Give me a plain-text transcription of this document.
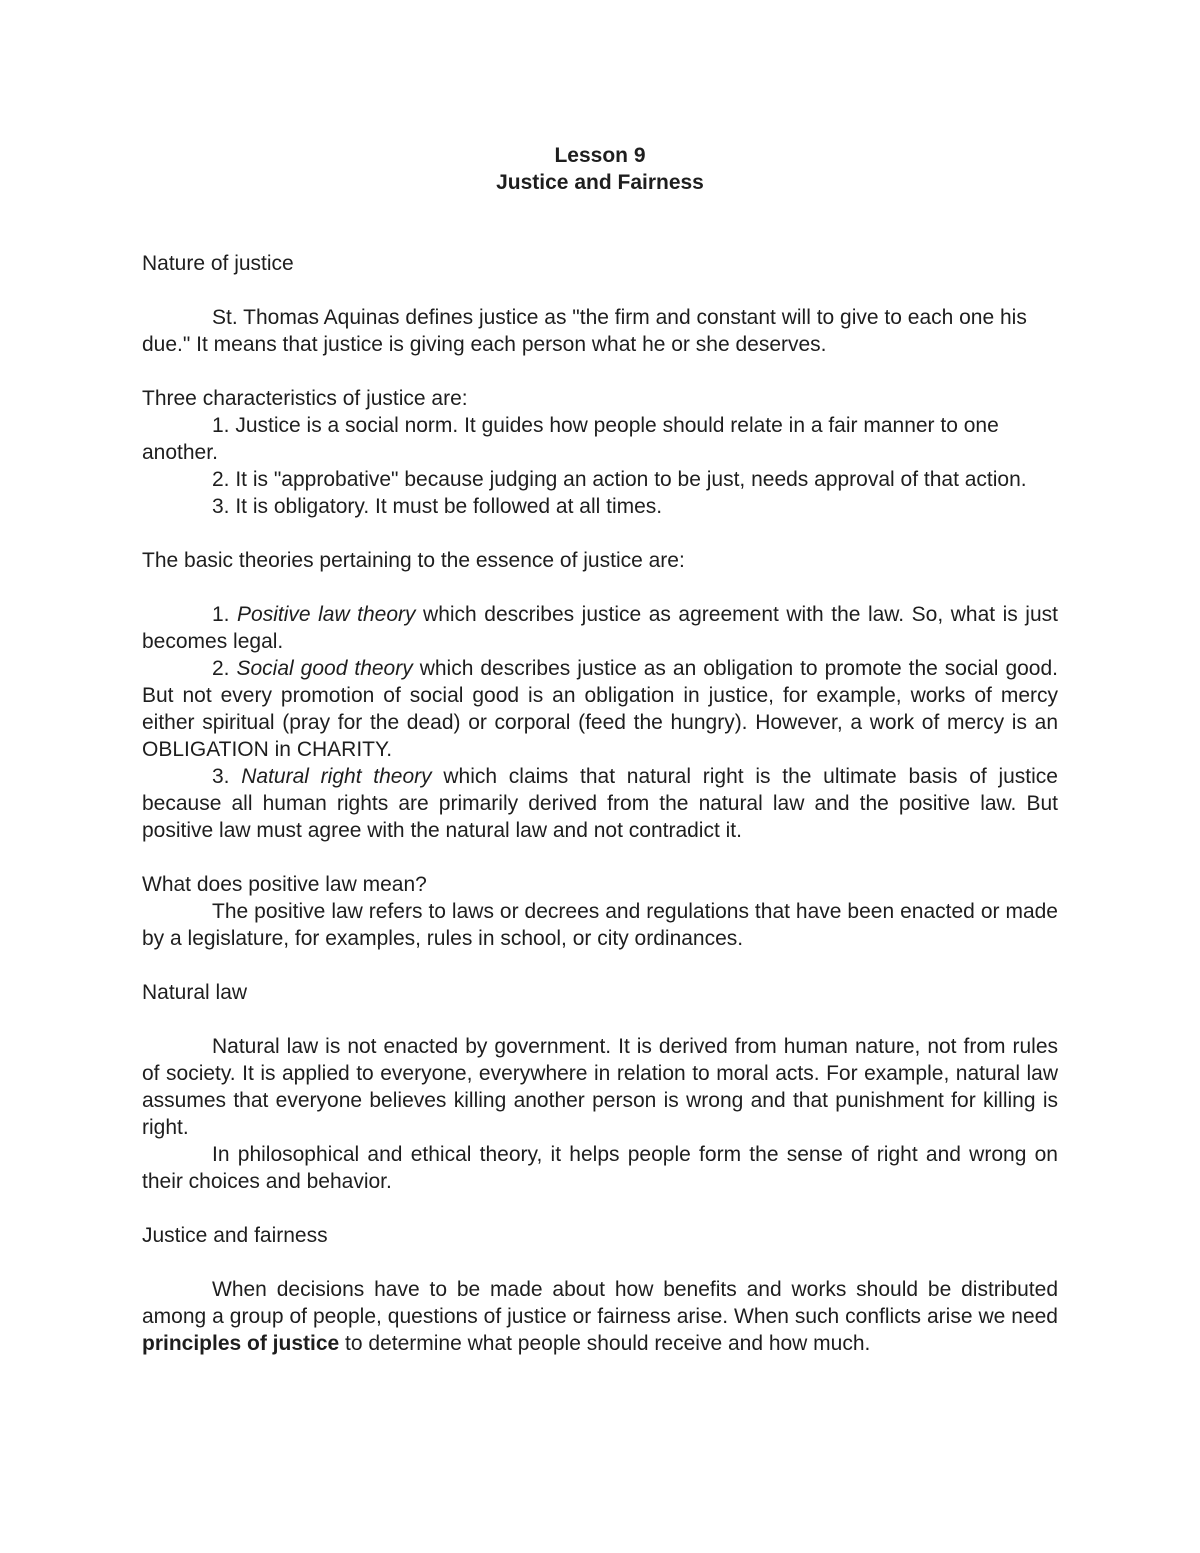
Lesson 9

Justice and Fairness

Nature of justice

St. Thomas Aquinas defines justice as "the firm and constant will to give to each one his due." It means that justice is giving each person what he or she deserves.

Three characteristics of justice are:

1. Justice is a social norm. It guides how people should relate in a fair manner to one another.

2. It is "approbative" because judging an action to be just, needs approval of that action.

3. It is obligatory. It must be followed at all times.

The basic theories pertaining to the essence of justice are:

1. Positive law theory which describes justice as agreement with the law. So, what is just becomes legal.

2. Social good theory which describes justice as an obligation to promote the social good. But not every promotion of social good is an obligation in justice, for example, works of mercy either spiritual (pray for the dead) or corporal (feed the hungry). However, a work of mercy is an OBLIGATION in CHARITY.

3. Natural right theory which claims that natural right is the ultimate basis of justice because all human rights are primarily derived from the natural law and the positive law. But positive law must agree with the natural law and not contradict it.

What does positive law mean?

The positive law refers to laws or decrees and regulations that have been enacted or made by a legislature, for examples, rules in school, or city ordinances.

Natural law

Natural law is not enacted by government. It is derived from human nature, not from rules of society. It is applied to everyone, everywhere in relation to moral acts. For example, natural law assumes that everyone believes killing another person is wrong and that punishment for killing is right.

In philosophical and ethical theory, it helps people form the sense of right and wrong on their choices and behavior.

Justice and fairness

When decisions have to be made about how benefits and works should be distributed among a group of people, questions of justice or fairness arise. When such conflicts arise we need principles of justice to determine what people should receive and how much.
